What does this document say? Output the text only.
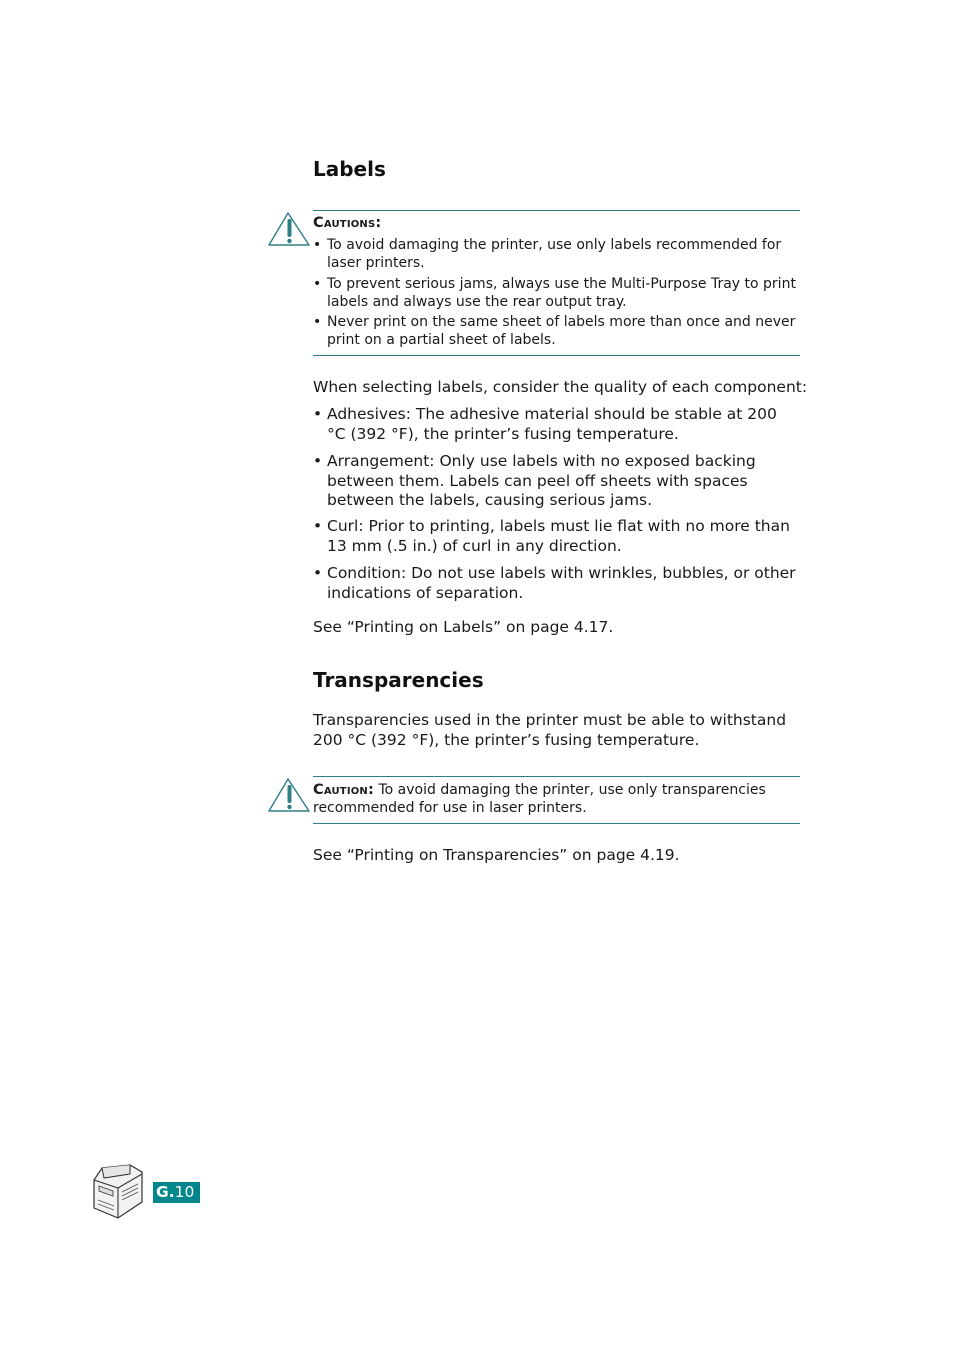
Labels
Cautions:
• To avoid damaging the printer, use only labels recommended for laser printers.
• To prevent serious jams, always use the Multi-Purpose Tray to print labels and always use the rear output tray.
• Never print on the same sheet of labels more than once and never print on a partial sheet of labels.

When selecting labels, consider the quality of each component:

• Adhesives: The adhesive material should be stable at 200 °C (392 °F), the printer’s fusing temperature.
• Arrangement: Only use labels with no exposed backing between them. Labels can peel off sheets with spaces between the labels, causing serious jams.
• Curl: Prior to printing, labels must lie flat with no more than 13 mm (.5 in.) of curl in any direction.
• Condition: Do not use labels with wrinkles, bubbles, or other indications of separation.

See “Printing on Labels” on page 4.17.

Transparencies

Transparencies used in the printer must be able to withstand 200 °C (392 °F), the printer’s fusing temperature.

Caution: To avoid damaging the printer, use only transparencies recommended for use in laser printers.

See “Printing on Transparencies” on page 4.19.

G.10
